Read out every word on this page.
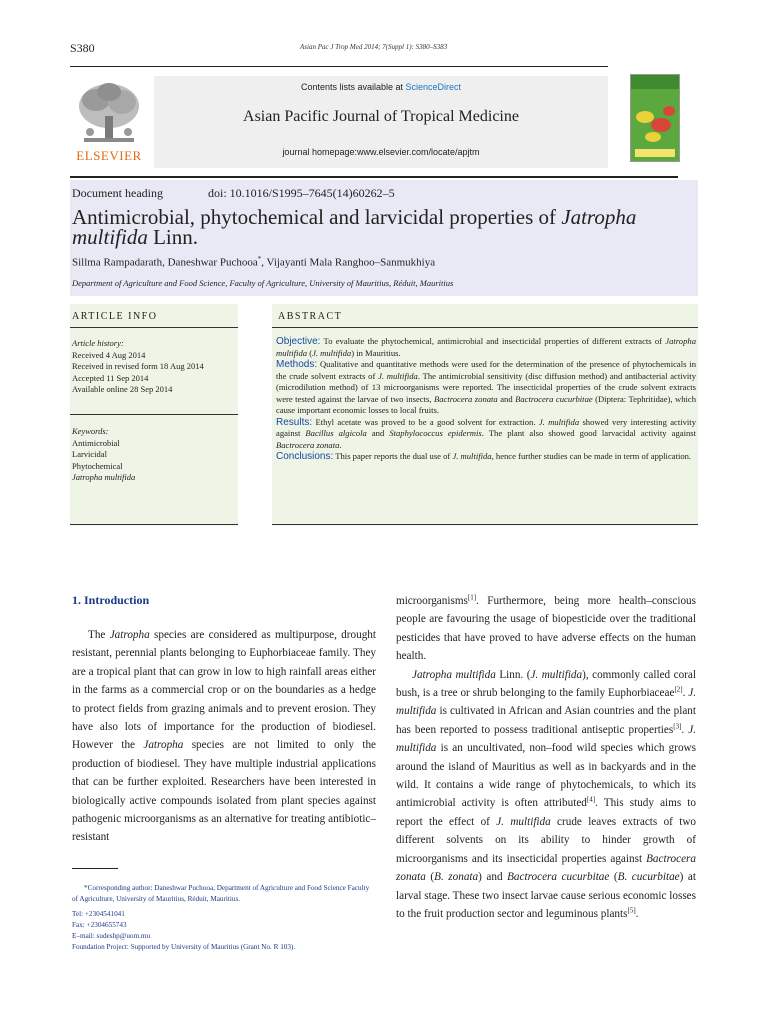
S380	Asian Pac J Trop Med 2014; 7(Suppl 1): S380–S383
ELSEVIER
Contents lists available at ScienceDirect
Asian Pacific Journal of Tropical Medicine
journal homepage:www.elsevier.com/locate/apjtm
Document heading	doi: 10.1016/S1995–7645(14)60262–5
Antimicrobial, phytochemical and larvicidal properties of Jatropha multifida Linn.
Sillma Rampadarath, Daneshwar Puchooa*, Vijayanti Mala Ranghoo–Sanmukhiya
Department of Agriculture and Food Science, Faculty of Agriculture, University of Mauritius, Réduit, Mauritius
ARTICLE INFO
Article history:
Received 4 Aug 2014
Received in revised form 18 Aug 2014
Accepted 11 Sep 2014
Available online 28 Sep 2014
Keywords:
Antimicrobial
Larvicidal
Phytochemical
Jatropha multifida
ABSTRACT

Objective: To evaluate the phytochemical, antimicrobial and insecticidal properties of different extracts of Jatropha multifida (J. multifida) in Mauritius.

Methods: Qualitative and quantitative methods were used for the determination of the presence of phytochemicals in the crude solvent extracts of J. multifida. The antimicrobial sensitivity (disc diffusion method) and antibacterial activity (microdilution method) of 13 microorganisms were reported. The insecticidal properties of the crude solvent extracts were tested against the larvae of two insects, Bactrocera zonata and Bactrocera cucurbitae (Diptera: Tephritidae), which cause important economic losses to local fruits.

Results: Ethyl acetate was proved to be a good solvent for extraction. J. multifida showed very interesting activity against Bacillus algicola and Staphylococcus epidermis. The plant also showed good larvacidal activity against Bactrocera zonata.

Conclusions: This paper reports the dual use of J. multifida, hence further studies can be made in term of application.

1. Introduction

The Jatropha species are considered as multipurpose, drought resistant, perennial plants belonging to Euphorbiaceae family. They are a tropical plant that can grow in low to high rainfall areas either in the farms as a commercial crop or on the boundaries as a hedge to protect fields from grazing animals and to prevent erosion. They have also lots of importance for the production of biodiesel. However the Jatropha species are not limited to only the production of biodiesel. They have multiple industrial applications that can be further exploited. Researchers have been interested in biologically active compounds isolated from plant species against pathogenic microorganisms as an alternative for treating antibiotic–resistant

*Corresponding author: Daneshwar Puchooa, Department of Agriculture and Food Science Faculty of Agriculture, University of Mauritius, Réduit, Mauritius.
Tel: +2304541041
Fax: +2304655743
E–mail: sudeshp@uom.mu
Foundation Project: Supported by University of Mauritius (Grant No. R 103).

microorganisms[1]. Furthermore, being more health–conscious people are favouring the usage of biopesticide over the traditional pesticides that have proved to have adverse effects on the human health.

Jatropha multifida Linn. (J. multifida), commonly called coral bush, is a tree or shrub belonging to the family Euphorbiaceae[2]. J. multifida is cultivated in African and Asian countries and the plant has been reported to possess traditional antiseptic properties[3]. J. multifida is an uncultivated, non–food wild species which grows around the island of Mauritius as well as in backyards and in the wild. It contains a wide range of phytochemicals, to which its antimicrobial activity is often attributed[4]. This study aims to report the effect of J. multifida crude leaves extracts of two different solvents on its ability to hinder growth of microorganisms and its insecticidal properties against Bactrocera zonata (B. zonata) and Bactrocera cucurbitae (B. cucurbitae) at larval stage. These two insect larvae cause serious economic losses to the fruit production sector and leguminous plants[5].
